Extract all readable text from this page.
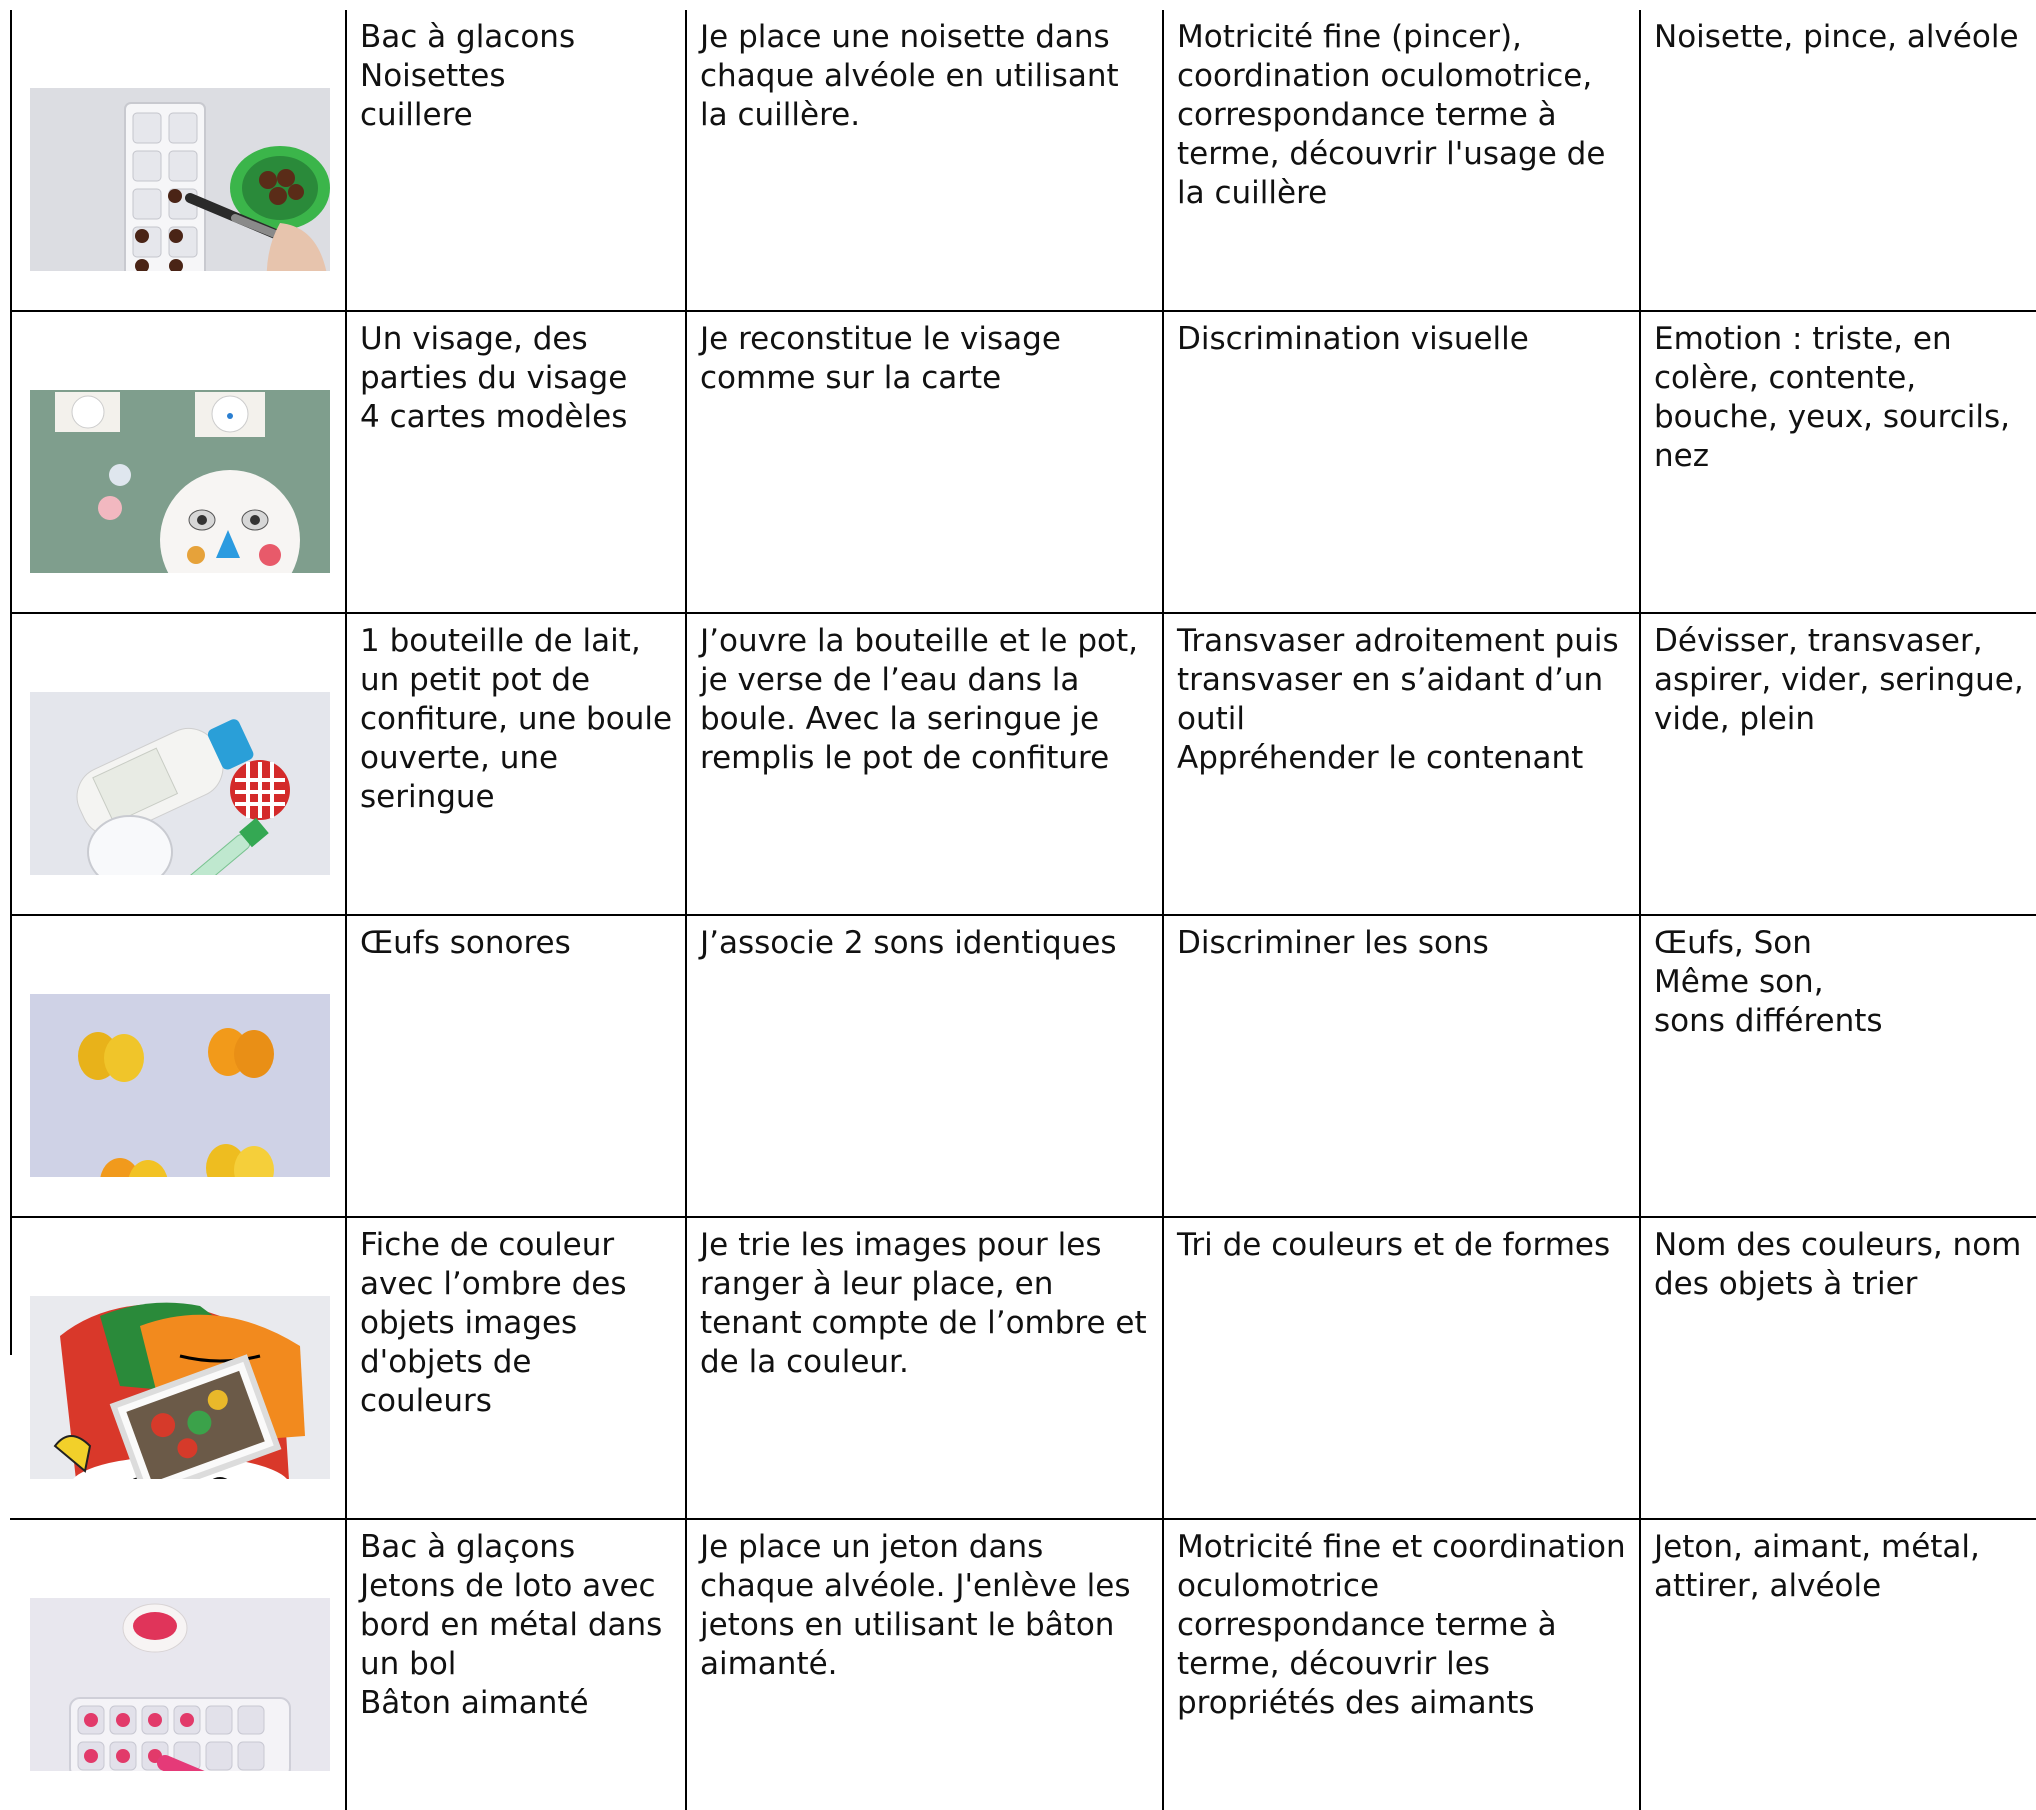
	Bac à glacons
Noisettes
cuillere	Je place une noisette dans chaque alvéole en utilisant la cuillère.	Motricité fine (pincer), coordination oculomotrice, correspondance terme à terme, découvrir l'usage de la cuillère	Noisette, pince, alvéole

	Un visage, des parties du visage
4 cartes modèles	Je reconstitue le visage comme sur la carte	Discrimination visuelle	Emotion : triste, en colère, contente, bouche, yeux, sourcils, nez

	1 bouteille de lait, un petit pot de confiture, une boule ouverte, une seringue	J’ouvre la bouteille et le pot, je verse de l’eau dans la boule. Avec la seringue je remplis le pot de confiture	Transvaser adroitement puis transvaser en s’aidant d’un outil
Appréhender le contenant	Dévisser, transvaser, aspirer, vider, seringue, vide, plein

	Œufs sonores	J’associe 2 sons identiques	Discriminer les sons	Œufs, Son
Même son,
sons différents

	Fiche de couleur avec l’ombre des objets images d'objets de couleurs	Je trie les images pour les ranger à leur place, en tenant compte de l’ombre et de la couleur.	Tri de couleurs et de formes	Nom des couleurs, nom des objets à trier

	Bac à glaçons
Jetons de loto avec bord en métal dans un bol
Bâton aimanté	Je place un jeton dans chaque alvéole. J'enlève les jetons en utilisant le bâton aimanté.	Motricité fine et coordination oculomotrice correspondance terme à terme, découvrir les propriétés des aimants	Jeton, aimant, métal, attirer, alvéole
